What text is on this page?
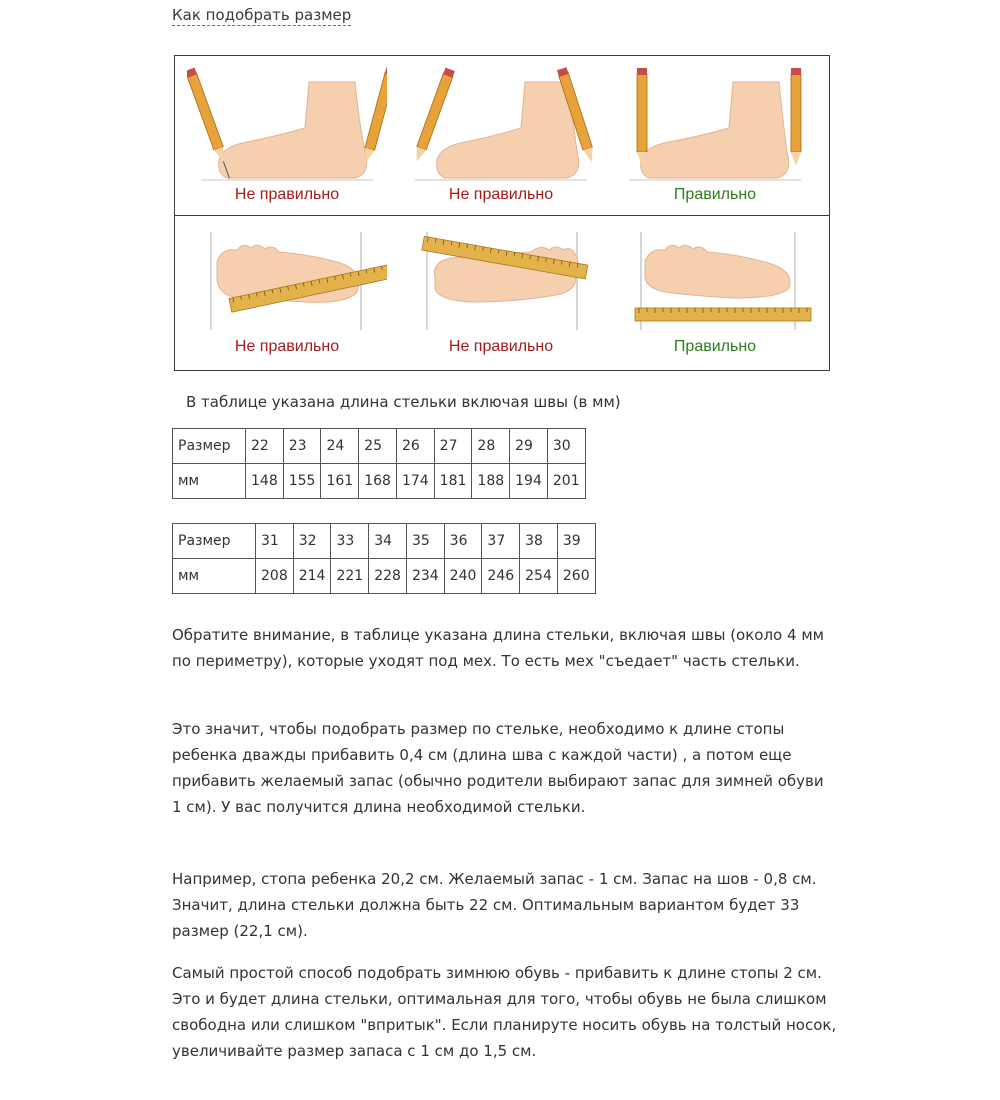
Как подобрать размер
Не правильно	Не правильно	Правильно
Не правильно	Не правильно	Правильно
В таблице указана длина стельки включая швы (в мм)
Размер	22	23	24	25	26	27	28	29	30
мм	148	155	161	168	174	181	188	194	201
Размер	31	32	33	34	35	36	37	38	39
мм	208	214	221	228	234	240	246	254	260

Обратите внимание, в таблице указана длина стельки, включая швы (около 4 мм по периметру), которые уходят под мех. То есть мех "съедает" часть стельки.

Это значит, чтобы подобрать размер по стельке, необходимо к длине стопы ребенка дважды прибавить 0,4 см (длина шва с каждой части) , а потом еще прибавить желаемый запас (обычно родители выбирают запас для зимней обуви 1 см). У вас получится длина необходимой стельки.

Например, стопа ребенка 20,2 см. Желаемый запас - 1 см. Запас на шов - 0,8 см. Значит, длина стельки должна быть 22 см. Оптимальным вариантом будет 33 размер (22,1 см).

Самый простой способ подобрать зимнюю обувь - прибавить к длине стопы 2 см. Это и будет длина стельки, оптимальная для того, чтобы обувь не была слишком свободна или слишком "впритык". Если планируте носить обувь на толстый носок, увеличивайте размер запаса с 1 см до 1,5 см.
